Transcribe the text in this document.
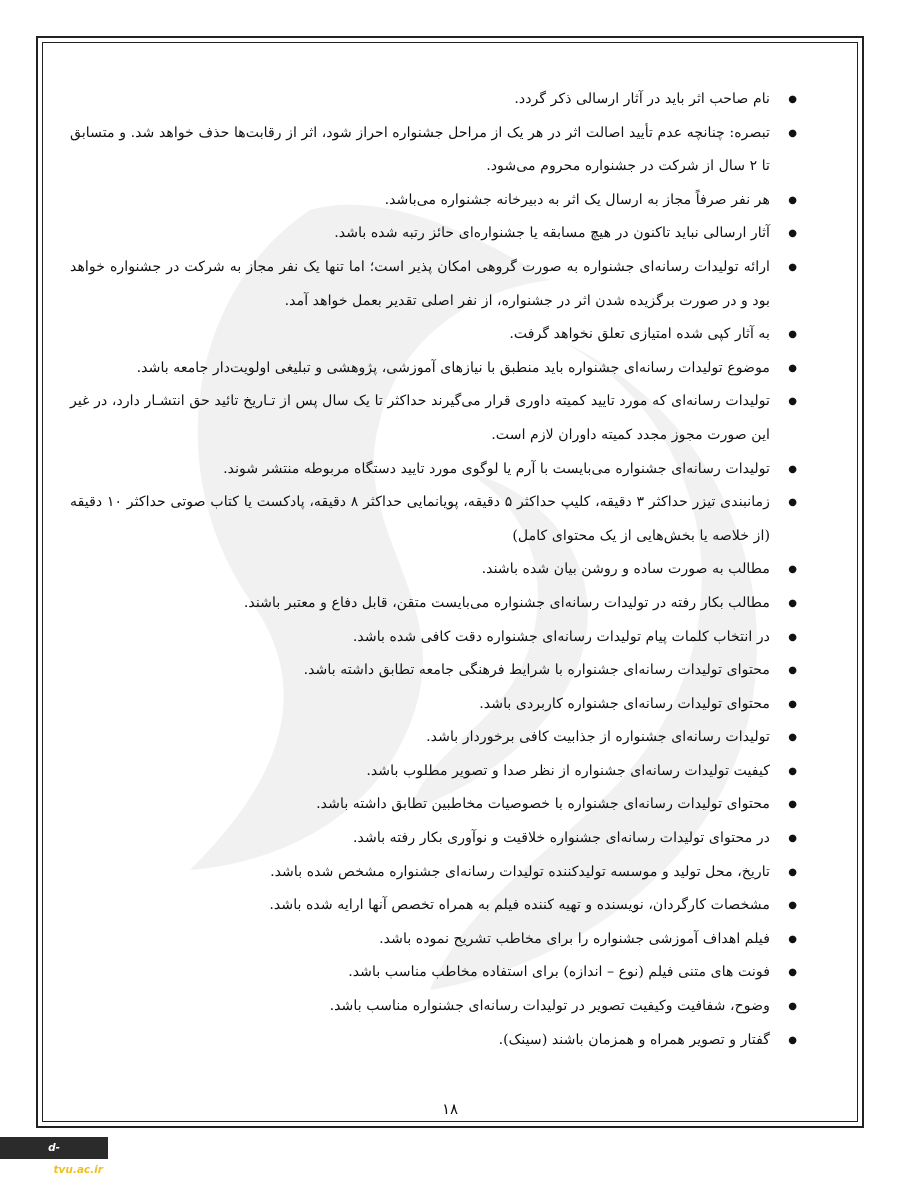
● نام صاحب اثر باید در آثار ارسالی ذکر گردد.
● تبصره: چنانچه عدم تأیید اصالت اثر در هر یک از مراحل جشنواره احراز شود، اثر از رقابت‌ها حذف خواهد شد. و متسابق تا ۲ سال از شرکت در جشنواره محروم می‌شود.
● هر نفر صرفاً مجاز به ارسال یک اثر به دبیرخانه جشنواره می‌باشد.
● آثار ارسالی نباید تاکنون در هیچ مسابقه یا جشنواره‌ای حائز رتبه شده باشد.
● ارائه تولیدات رسانه‌ای جشنواره به صورت گروهی امکان پذیر است؛ اما تنها یک نفر مجاز به شرکت در جشنواره خواهد بود و در صورت برگزیده شدن اثر در جشنواره، از نفر اصلی تقدیر بعمل خواهد آمد.
● به آثار کپی شده امتیازی تعلق نخواهد گرفت.
● موضوع تولیدات رسانه‌ای جشنواره باید منطبق با نیازهای آموزشی، پژوهشی و تبلیغی اولویت‌دار جامعه باشد.
● تولیدات رسانه‌ای که مورد تایید کمیته داوری قرار می‌گیرند حداکثر تا یک سال پس از تـاریخ تائید حق انتشـار دارد، در غیر این صورت مجوز مجدد کمیته داوران لازم است.
● تولیدات رسانه‌ای جشنواره می‌بایست با آرم یا لوگوی مورد تایید دستگاه مربوطه منتشر شوند.
● زمانبندی تیزر حداکثر ۳ دقیقه، کلیپ حداکثر ۵ دقیقه، پویانمایی حداکثر ۸ دقیقه، پادکست یا کتاب صوتی حداکثر ۱۰ دقیقه (از خلاصه یا بخش‌هایی از یک محتوای کامل)
● مطالب به صورت ساده و روشن بیان شده باشند.
● مطالب بکار رفته در تولیدات رسانه‌ای جشنواره می‌بایست متقن، قابل دفاع و معتبر باشند.
● در انتخاب کلمات پیام تولیدات رسانه‌ای جشنواره دقت کافی شده باشد.
● محتوای تولیدات رسانه‌ای جشنواره با شرایط فرهنگی جامعه تطابق داشته باشد.
● محتوای تولیدات رسانه‌ای جشنواره کاربردی باشد.
● تولیدات رسانه‌ای جشنواره از جذابیت کافی برخوردار باشد.
● کیفیت تولیدات رسانه‌ای جشنواره از نظر صدا و تصویر مطلوب باشد.
● محتوای تولیدات رسانه‌ای جشنواره با خصوصیات مخاطبین تطابق داشته باشد.
● در محتوای تولیدات رسانه‌ای جشنواره خلاقیت و نوآوری بکار رفته باشد.
● تاریخ، محل تولید و موسسه تولیدکننده تولیدات رسانه‌ای جشنواره مشخص شده باشد.
● مشخصات کارگردان، نویسنده و تهیه کننده فیلم به همراه تخصص آنها ارایه شده باشد.
● فیلم اهداف آموزشی جشنواره را برای مخاطب تشریح نموده باشد.
● فونت های متنی فیلم (نوع – اندازه) برای استفاده مخاطب مناسب باشد.
● وضوح، شفافیت وکیفیت تصویر در تولیدات رسانه‌ای جشنواره مناسب باشد.
● گفتار و تصویر همراه و همزمان باشند (سینک).
۱۸
d-kerman.tvu.ac.ir
